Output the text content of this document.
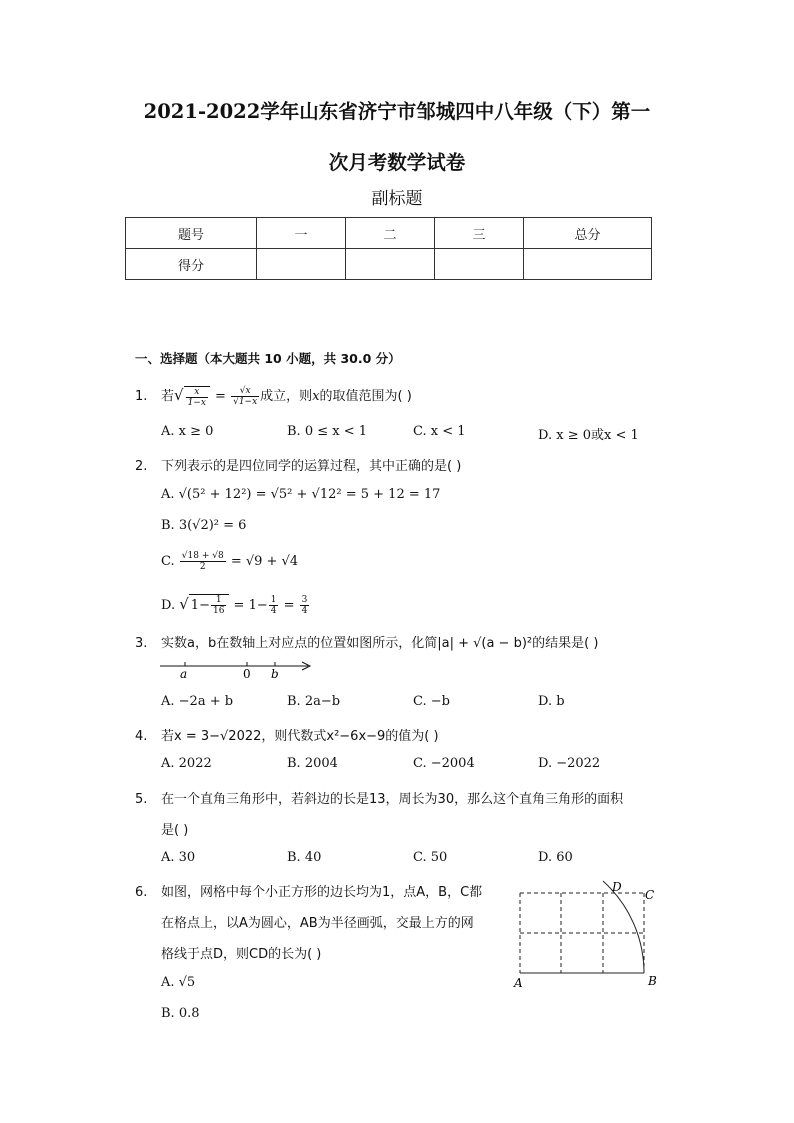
2021-2022学年山东省济宁市邹城四中八年级（下）第一
次月考数学试卷
副标题
题号	一	二	三	总分
得分				
一、选择题（本大题共 10 小题，共 30.0 分）
1. 若√ $\frac{x}{1-x} = \frac{√x}{√1-x}$ 成立，则x的取值范围为( )
A. x ≥ 0	B. 0 ≤ x < 1	C. x < 1	D. x ≥ 0或x < 1
2. 下列表示的是四位同学的运算过程，其中正确的是( )
A. √(5² + 12²) = √5² + √12² = 5 + 12 = 17
B. 3(√2)² = 6
C. $\frac{√18 + √8}{2} = √9 + √4$
D. √ $1- \frac{1}{16} = 1- \frac{1}{4} = \frac{3}{4}$
3. 实数a，b在数轴上对应点的位置如图所示，化简|a| + √(a − b)²的结果是( )
a	0 b
A. −2a + b	B. 2a−b	C. −b	D. b
4. 若x = 3−√2022，则代数式x²−6x−9的值为( )
A. 2022	B. 2004	C. −2004	D. −2022
5. 在一个直角三角形中，若斜边的长是13，周长为30，那么这个直角三角形的面积
是( )
A. 30	B. 40	C. 50	D. 60
6. 如图，网格中每个小正方形的边长均为1，点A，B，C都
在格点上，以A为圆心，AB为半径画弧，交最上方的网
格线于点D，则CD的长为( )
A. √5
B. 0.8
D
C
A	B
